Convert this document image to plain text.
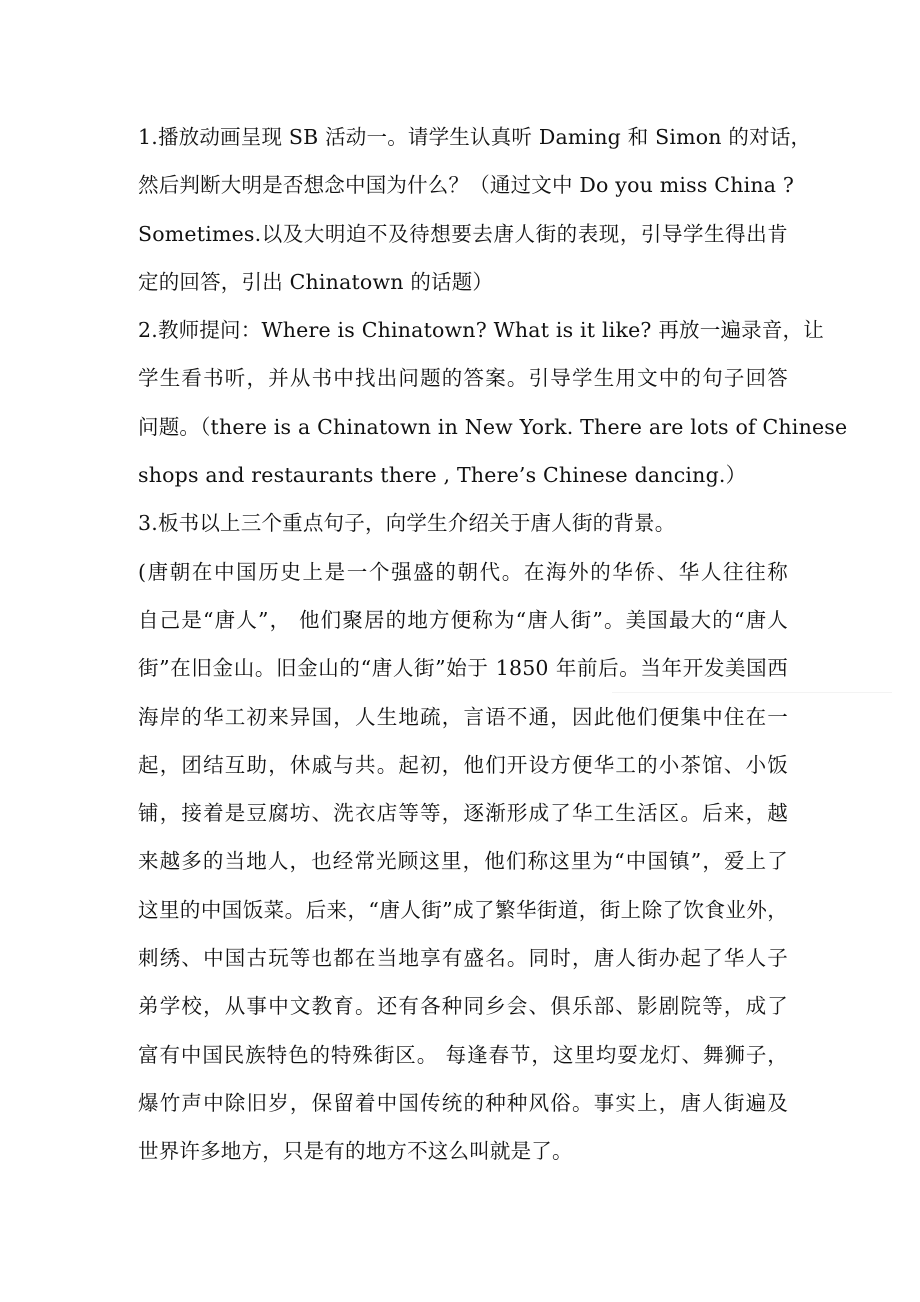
1.播放动画呈现 SB 活动一。请学生认真听 Daming 和 Simon 的对话，
然后判断大明是否想念中国为什么？（通过文中 Do you miss China ?
Sometimes.以及大明迫不及待想要去唐人街的表现，引导学生得出肯
定的回答，引出 Chinatown 的话题）
2.教师提问：Where is Chinatown? What is it like? 再放一遍录音，让
学生看书听，并从书中找出问题的答案。引导学生用文中的句子回答
问题。（there is a Chinatown in New York. There are lots of Chinese
shops and restaurants there , There’s Chinese dancing.）
3.板书以上三个重点句子，向学生介绍关于唐人街的背景。
(唐朝在中国历史上是一个强盛的朝代。在海外的华侨、华人往往称
自己是“唐人”， 他们聚居的地方便称为“唐人街”。美国最大的“唐人
街”在旧金山。旧金山的“唐人街”始于 1850 年前后。当年开发美国西
海岸的华工初来异国，人生地疏，言语不通，因此他们便集中住在一
起，团结互助，休戚与共。起初，他们开设方便华工的小茶馆、小饭
铺，接着是豆腐坊、洗衣店等等，逐渐形成了华工生活区。后来，越
来越多的当地人，也经常光顾这里，他们称这里为“中国镇”，爱上了
这里的中国饭菜。后来，“唐人街”成了繁华街道，街上除了饮食业外，
刺绣、中国古玩等也都在当地享有盛名。同时，唐人街办起了华人子
弟学校，从事中文教育。还有各种同乡会、俱乐部、影剧院等，成了
富有中国民族特色的特殊街区。 每逢春节，这里均耍龙灯、舞狮子，
爆竹声中除旧岁，保留着中国传统的种种风俗。事实上，唐人街遍及
世界许多地方，只是有的地方不这么叫就是了。
